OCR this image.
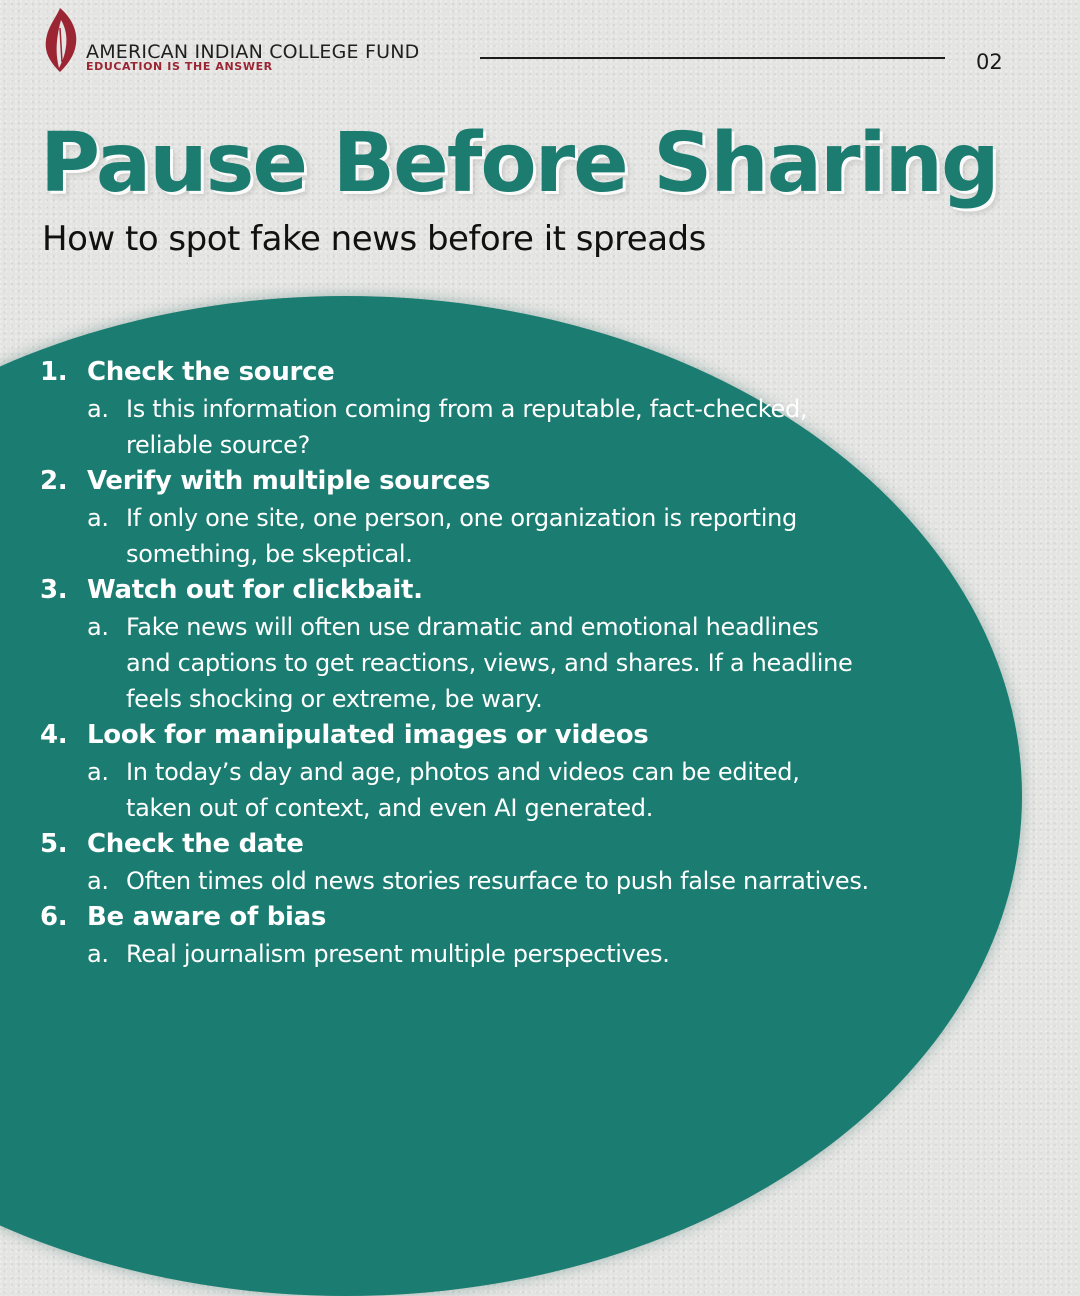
AMERICAN INDIAN COLLEGE FUND
EDUCATION IS THE ANSWER	02
Pause Before Sharing

How to spot fake news before it spreads

1. Check the source
a. Is this information coming from a reputable, fact-checked, reliable source?
2. Verify with multiple sources
a. If only one site, one person, one organization is reporting something, be skeptical.
3. Watch out for clickbait.
a. Fake news will often use dramatic and emotional headlines and captions to get reactions, views, and shares. If a headline feels shocking or extreme, be wary.
4. Look for manipulated images or videos
a. In today’s day and age, photos and videos can be edited, taken out of context, and even AI generated.
5. Check the date
a. Often times old news stories resurface to push false narratives.
6. Be aware of bias
a. Real journalism present multiple perspectives.
